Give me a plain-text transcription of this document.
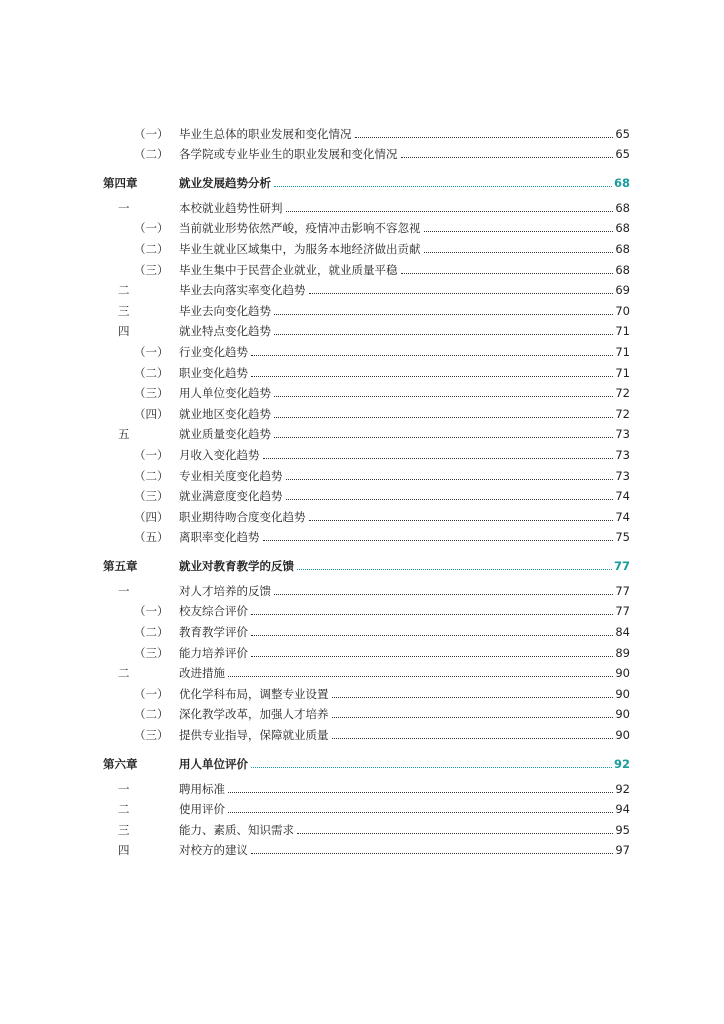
（一） 毕业生总体的职业发展和变化情况	65
（二） 各学院或专业毕业生的职业发展和变化情况	65
第四章	就业发展趋势分析	68
一	本校就业趋势性研判	68
（一） 当前就业形势依然严峻，疫情冲击影响不容忽视	68
（二） 毕业生就业区域集中，为服务本地经济做出贡献	68
（三） 毕业生集中于民营企业就业，就业质量平稳	68
二	毕业去向落实率变化趋势	69
三	毕业去向变化趋势	70
四	就业特点变化趋势	71
（一） 行业变化趋势	71
（二） 职业变化趋势	71
（三） 用人单位变化趋势	72
（四） 就业地区变化趋势	72
五	就业质量变化趋势	73
（一） 月收入变化趋势	73
（二） 专业相关度变化趋势	73
（三） 就业满意度变化趋势	74
（四） 职业期待吻合度变化趋势	74
（五） 离职率变化趋势	75
第五章	就业对教育教学的反馈	77
一	对人才培养的反馈	77
（一） 校友综合评价	77
（二） 教育教学评价	84
（三） 能力培养评价	89
二	改进措施	90
（一） 优化学科布局，调整专业设置	90
（二） 深化教学改革，加强人才培养	90
（三） 提供专业指导，保障就业质量	90
第六章	用人单位评价	92
一	聘用标准	92
二	使用评价	94
三	能力、素质、知识需求	95
四	对校方的建议	97
